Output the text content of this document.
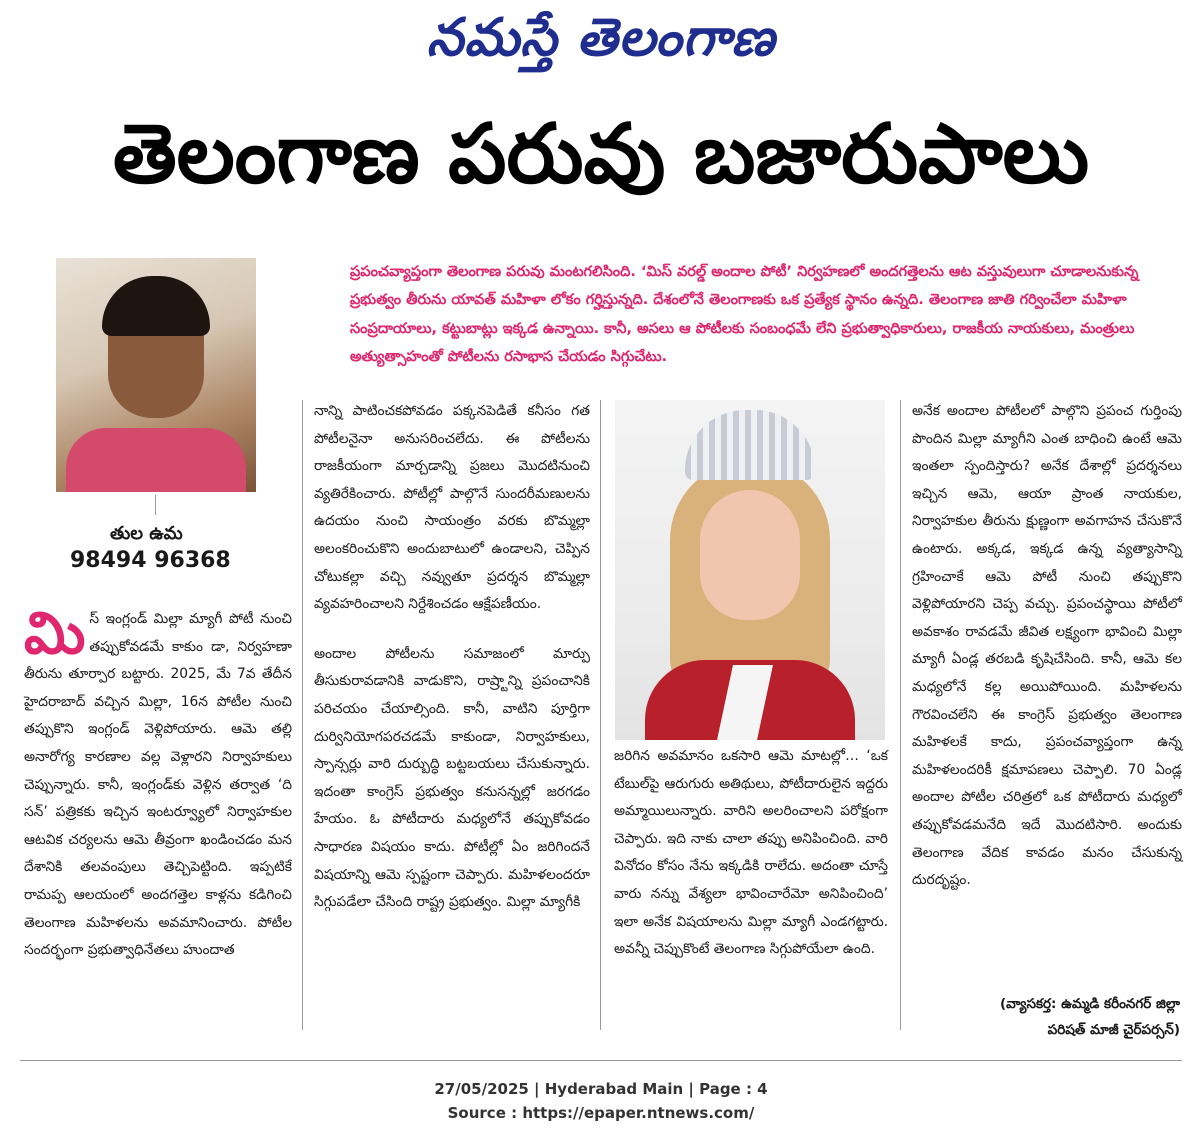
నమస్తే తెలంగాణ
తెలంగాణ పరువు బజారుపాలు
తుల ఉమ
98494 96368
ప్రపంచవ్యాప్తంగా తెలంగాణ పరువు మంటగలిసింది. ‘మిస్ వరల్డ్ అందాల పోటీ’ నిర్వహణలో అందగత్తెలను ఆట వస్తువులుగా చూడాలనుకున్న ప్రభుత్వం తీరును యావత్ మహిళా లోకం గర్హిస్తున్నది. దేశంలోనే తెలంగాణకు ఒక ప్రత్యేక స్థానం ఉన్నది. తెలంగాణ జాతి గర్వించేలా మహిళా సంప్రదాయాలు, కట్టుబాట్లు ఇక్కడ ఉన్నాయి. కానీ, అసలు ఆ పోటీలకు సంబంధమే లేని ప్రభుత్వాధికారులు, రాజకీయ నాయకులు, మంత్రులు అత్యుత్సాహంతో పోటీలను రసాభాస చేయడం సిగ్గుచేటు.

మిస్ ఇంగ్లండ్ మిల్లా మ్యాగీ పోటీ నుంచి తప్పుకోవడమే కాకుం డా, నిర్వహణా తీరును తూర్పార బట్టారు. 2025, మే 7వ తేదీన హైదరాబాద్ వచ్చిన మిల్లా, 16న పోటీల నుంచి తప్పుకొని ఇంగ్లండ్ వెళ్లిపోయారు. ఆమె తల్లి అనారోగ్య కారణాల వల్ల వెళ్లారని నిర్వాహకులు చెప్పున్నారు. కానీ, ఇంగ్లండ్‌కు వెళ్లిన తర్వాత ‘ది సన్’ పత్రికకు ఇచ్చిన ఇంటర్వ్యూలో నిర్వాహకుల ఆటవిక చర్యలను ఆమె తీవ్రంగా ఖండించడం మన దేశానికి తలవంపులు తెచ్చిపెట్టింది. ఇప్పటికే రామప్ప ఆలయంలో అందగత్తెల కాళ్లను కడిగించి తెలంగాణ మహిళలను అవమానించారు. పోటీల సందర్భంగా ప్రభుత్వాధినేతలు హుందాత

నాన్ని పాటించకపోవడం పక్కనపెడితే కనీసం గత పోటీలనైనా అనుసరించలేదు. ఈ పోటీలను రాజకీయంగా మార్చడాన్ని ప్రజలు మొదటినుంచి వ్యతిరేకించారు. పోటీల్లో పాల్గొనే సుందరీమణులను ఉదయం నుంచి సాయంత్రం వరకు బొమ్మల్లా అలంకరించుకొని అందుబాటులో ఉండాలని, చెప్పిన చోటుకల్లా వచ్చి నవ్వుతూ ప్రదర్శన బొమ్మల్లా వ్యవహరించాలని నిర్దేశించడం ఆక్షేపణీయం.

అందాల పోటీలను సమాజంలో మార్పు తీసుకురావడానికి వాడుకొని, రాష్ర్టాన్ని ప్రపంచానికి పరిచయం చేయాల్సింది. కానీ, వాటిని పూర్తిగా దుర్వినియోగపరచడమే కాకుండా, నిర్వాహకులు, స్పాన్సర్లు వారి దుర్బుద్ధి బట్టబయలు చేసుకున్నారు. ఇదంతా కాంగ్రెస్ ప్రభుత్వం కనుసన్నల్లో జరగడం హేయం. ఓ పోటీదారు మధ్యలోనే తప్పుకోవడం సాధారణ విషయం కాదు. పోటీల్లో ఏం జరిగిందనే విషయాన్ని ఆమె స్పష్టంగా చెప్పారు. మహిళలందరూ సిగ్గుపడేలా చేసింది రాష్ట్ర ప్రభుత్వం. మిల్లా మ్యాగీకి

జరిగిన అవమానం ఒకసారి ఆమె మాటల్లో… ‘ఒక టేబుల్‌పై ఆరుగురు అతిథులు, పోటీదారులైన ఇద్దరు అమ్మాయిలున్నారు. వారిని అలరించాలని పరోక్షంగా చెప్పారు. ఇది నాకు చాలా తప్పు అనిపించింది. వారి వినోదం కోసం నేను ఇక్కడికి రాలేదు. అదంతా చూస్తే వారు నన్ను వేశ్యలా భావించారేమో అనిపించింది’ ఇలా అనేక విషయాలను మిల్లా మ్యాగీ ఎండగట్టారు. అవన్నీ చెప్పుకొంటే తెలంగాణ సిగ్గుపోయేలా ఉంది.

అనేక అందాల పోటీలలో పాల్గొని ప్రపంచ గుర్తింపు పొందిన మిల్లా మ్యాగీని ఎంత బాధించి ఉంటే ఆమె ఇంతలా స్పందిస్తారు? అనేక దేశాల్లో ప్రదర్శనలు ఇచ్చిన ఆమె, ఆయా ప్రాంత నాయకుల, నిర్వాహకుల తీరును క్షుణ్ణంగా అవగాహన చేసుకొనే ఉంటారు. అక్కడ, ఇక్కడ ఉన్న వ్యత్యాసాన్ని గ్రహించాకే ఆమె పోటీ నుంచి తప్పుకొని వెళ్లిపోయారని చెప్ప వచ్చు. ప్రపంచస్థాయి పోటీలో అవకాశం రావడమే జీవిత లక్ష్యంగా భావించి మిల్లా మ్యాగీ ఏండ్ల తరబడి కృషిచేసింది. కానీ, ఆమె కల మధ్యలోనే కల్ల అయిపోయింది. మహిళలను గౌరవించలేని ఈ కాంగ్రెస్ ప్రభుత్వం తెలంగాణ మహిళలకే కాదు, ప్రపంచవ్యాప్తంగా ఉన్న మహిళలందరికీ క్షమాపణలు చెప్పాలి. 70 ఏండ్ల అందాల పోటీల చరిత్రలో ఒక పోటీదారు మధ్యలో తప్పుకోవడమనేది ఇదే మొదటిసారి. అందుకు తెలంగాణ వేదిక కావడం మనం చేసుకున్న దురదృష్టం.

(వ్యాసకర్త: ఉమ్మడి కరీంనగర్ జిల్లా
పరిషత్ మాజీ చైర్‌పర్సన్)
27/05/2025 | Hyderabad Main | Page : 4
Source : https://epaper.ntnews.com/
